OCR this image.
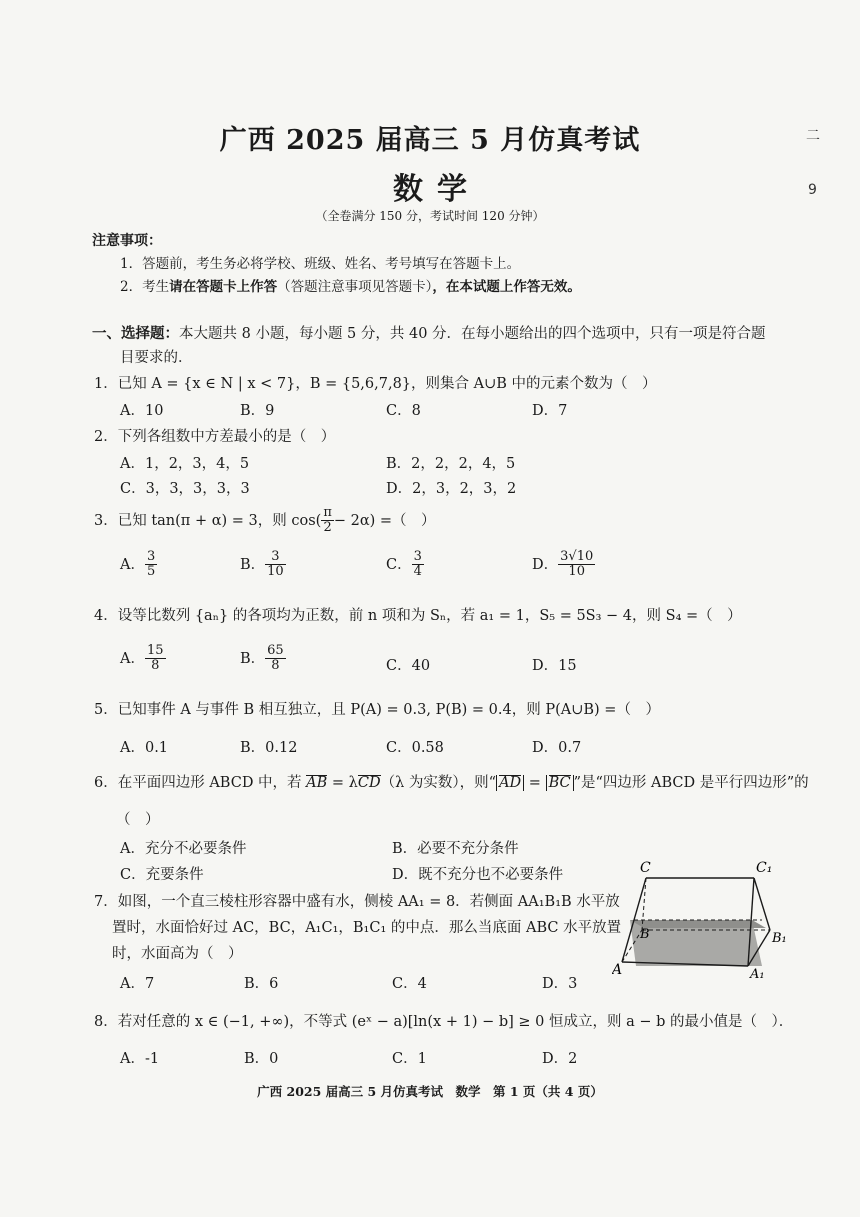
广西 2025 届高三 5 月仿真考试
数学
（全卷满分 150 分，考试时间 120 分钟）
二
9
注意事项：
1．答题前，考生务必将学校、班级、姓名、考号填写在答题卡上。
2．考生请在答题卡上作答（答题注意事项见答题卡），在本试题上作答无效。
一、选择题：本大题共 8 小题，每小题 5 分，共 40 分．在每小题给出的四个选项中，只有一项是符合题
目要求的．
1．已知 A = {x ∈ N | x < 7}，B = {5,6,7,8}，则集合 A∪B 中的元素个数为（　）
A．10	B．9	C．8	D．7
2．下列各组数中方差最小的是（　）
A．1，2，3，4，5	B．2，2，2，4，5
C．3，3，3，3，3	D．2，3，2，3，2
3．已知 tan(π + α) = 3，则 $\cos( \frac{\pi}{2} - 2\alpha)$ =（　）
A． $\frac{3}{5}$	B． $\frac{3}{10}$	C． $\frac{3}{4}$	D． $\frac{3√10}{10}$
4．设等比数列 {aₙ} 的各项均为正数，前 n 项和为 Sₙ，若 a₁ = 1，S₅ = 5S₃ − 4，则 S₄ =（　）
A． $\frac{15}{8}$	B． $\frac{65}{8}$	C．40	D．15
5．已知事件 A 与事件 B 相互独立，且 P(A) = 0.3, P(B) = 0.4，则 P(A∪B) =（　）
A．0.1	B．0.12	C．0.58	D．0.7
6．在平面四边形 ABCD 中，若 AB = λCD（λ 为实数），则“ AD = BC ”是“四边形 ABCD 是平行四边形”的
（　）
A．充分不必要条件	B．必要不充分条件
C．充要条件	D．既不充分也不必要条件
7．如图，一个直三棱柱形容器中盛有水，侧棱 AA₁ = 8．若侧面 AA₁B₁B 水平放
置时，水面恰好过 AC，BC，A₁C₁，B₁C₁ 的中点．那么当底面 ABC 水平放置
时，水面高为（　）
A．7	B．6	C．4	D．3
C	C₁
B	B₁
A	A₁
8．若对任意的 x ∈ (−1, +∞)，不等式 (eˣ − a)[ln(x + 1) − b] ≥ 0 恒成立，则 a − b 的最小值是（　）．
A．-1	B．0	C．1	D．2
广西 2025 届高三 5 月仿真考试　数学　第 1 页（共 4 页）
